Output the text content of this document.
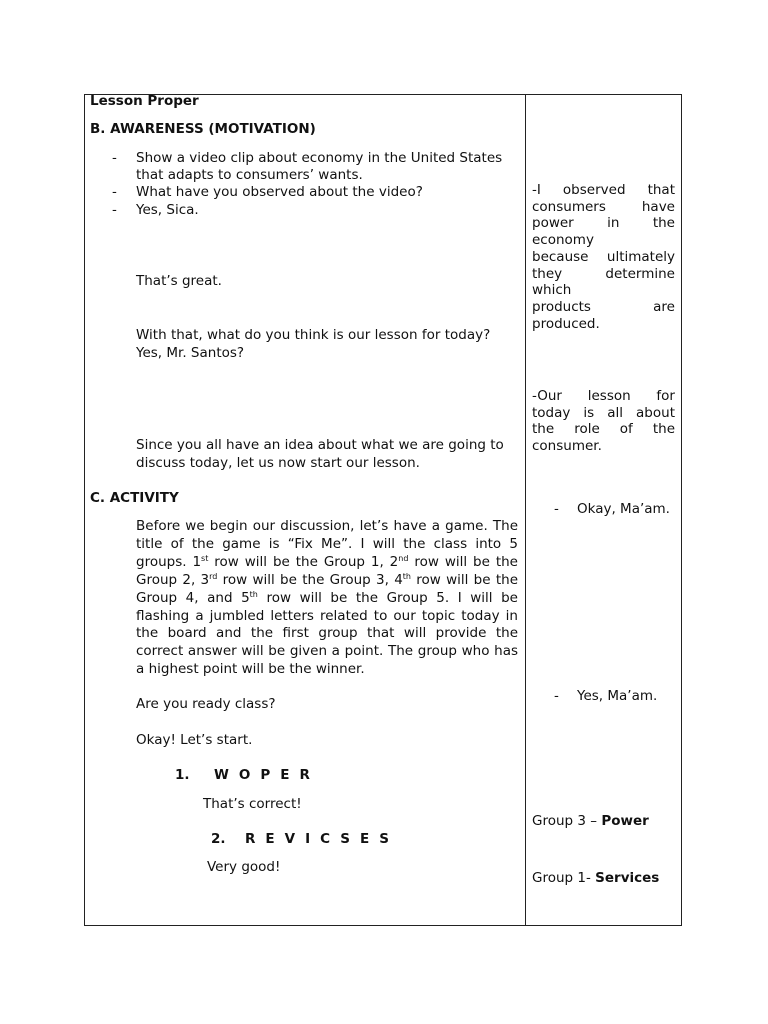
Lesson Proper
B. AWARENESS (MOTIVATION)
- Show a video clip about economy in the United States
that adapts to consumers’ wants.
- What have you observed about the video?
- Yes, Sica.
That’s great.
With that, what do you think is our lesson for today?
Yes, Mr. Santos?
Since you all have an idea about what we are going to
discuss today, let us now start our lesson.
C. ACTIVITY
Before we begin our discussion, let’s have a game. The title of the game is “Fix Me”. I will the class into 5 groups. 1st row will be the Group 1, 2nd row will be the Group 2, 3rd row will be the Group 3, 4th row will be the Group 4, and 5th row will be the Group 5. I will be flashing a jumbled letters related to our topic today in the board and the first group that will provide the correct answer will be given a point. The group who has a highest point will be the winner.
Are you ready class?
Okay! Let’s start.
1. WOPER
That’s correct!
2. REVICSES
Very good!
-I observed that
consumers have
power in the
economy
because ultimately
they determine
which
products are
produced.
-Our lesson for
today is all about
the role of the
consumer.
- Okay, Ma’am.
- Yes, Ma’am.
Group 3 – Power
Group 1- Services
